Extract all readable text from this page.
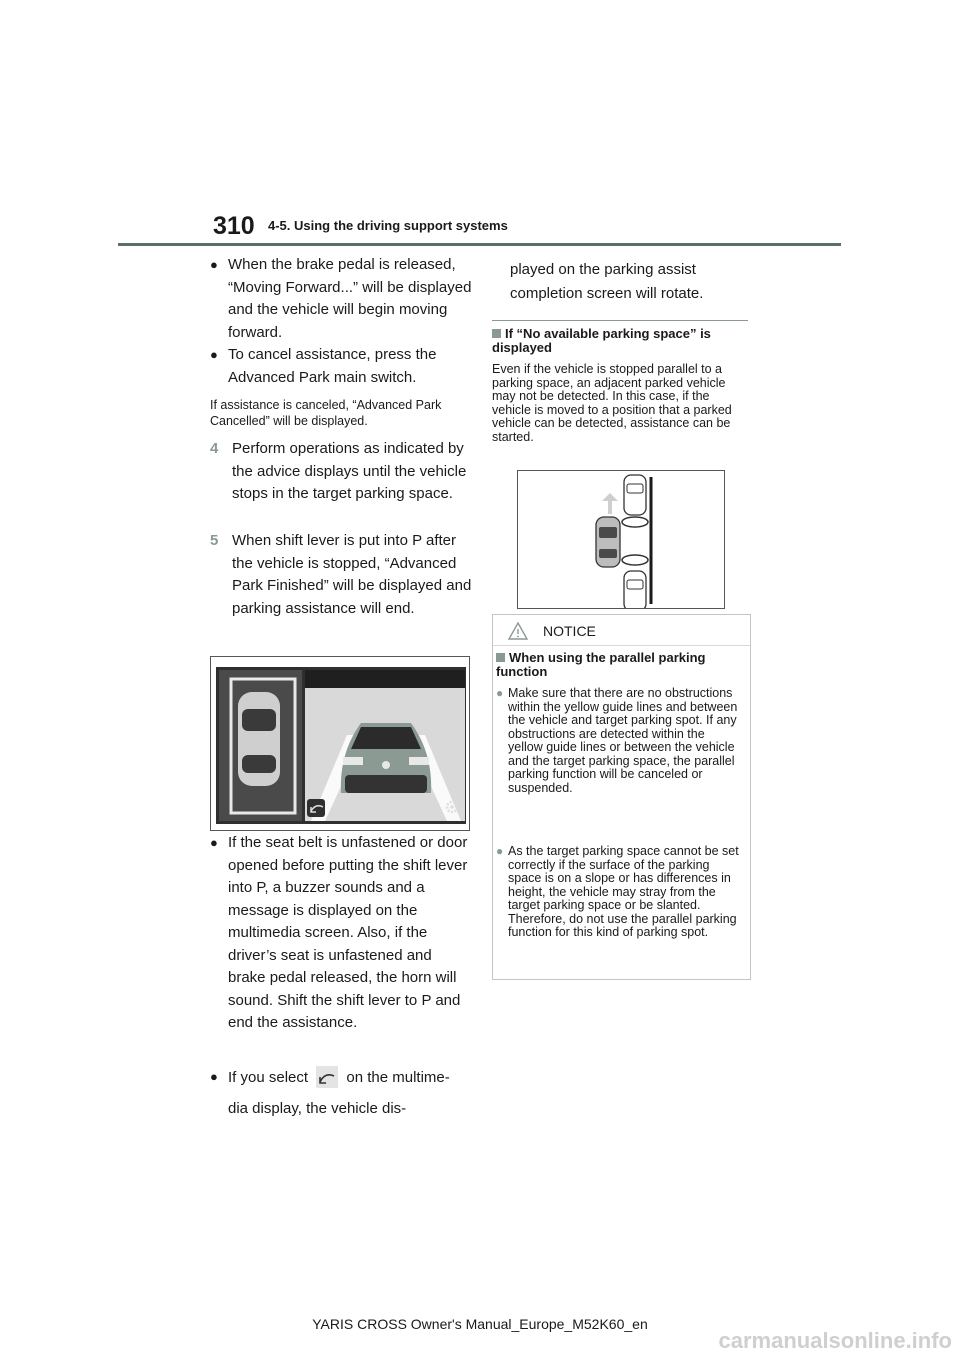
310 4-5. Using the driving support systems
● When the brake pedal is released, “Moving Forward...” will be displayed and the vehicle will begin moving forward.
● To cancel assistance, press the Advanced Park main switch.
If assistance is canceled, “Advanced Park Cancelled” will be displayed.
4 Perform operations as indicated by the advice displays until the vehicle stops in the target parking space.
5 When shift lever is put into P after the vehicle is stopped, “Advanced Park Finished” will be displayed and parking assistance will end.
● If the seat belt is unfastened or door opened before putting the shift lever into P, a buzzer sounds and a message is displayed on the multimedia screen. Also, if the driver’s seat is unfastened and brake pedal released, the horn will sound. Shift the shift lever to P and end the assistance.
● If you select	on the multime-
dia display, the vehicle dis-
played on the parking assist completion screen will rotate.
If “No available parking space” is displayed
Even if the vehicle is stopped parallel to a parking space, an adjacent parked vehicle may not be detected. In this case, if the vehicle is moved to a position that a parked vehicle can be detected, assistance can be started.
NOTICE
When using the parallel parking function
● Make sure that there are no obstructions within the yellow guide lines and between the vehicle and target parking spot. If any obstructions are detected within the yellow guide lines or between the vehicle and the target parking space, the parallel parking function will be canceled or suspended.
● As the target parking space cannot be set correctly if the surface of the parking space is on a slope or has differences in height, the vehicle may stray from the target parking space or be slanted. Therefore, do not use the parallel parking function for this kind of parking spot.
YARIS CROSS Owner's Manual_Europe_M52K60_en
carmanualsonline.info
